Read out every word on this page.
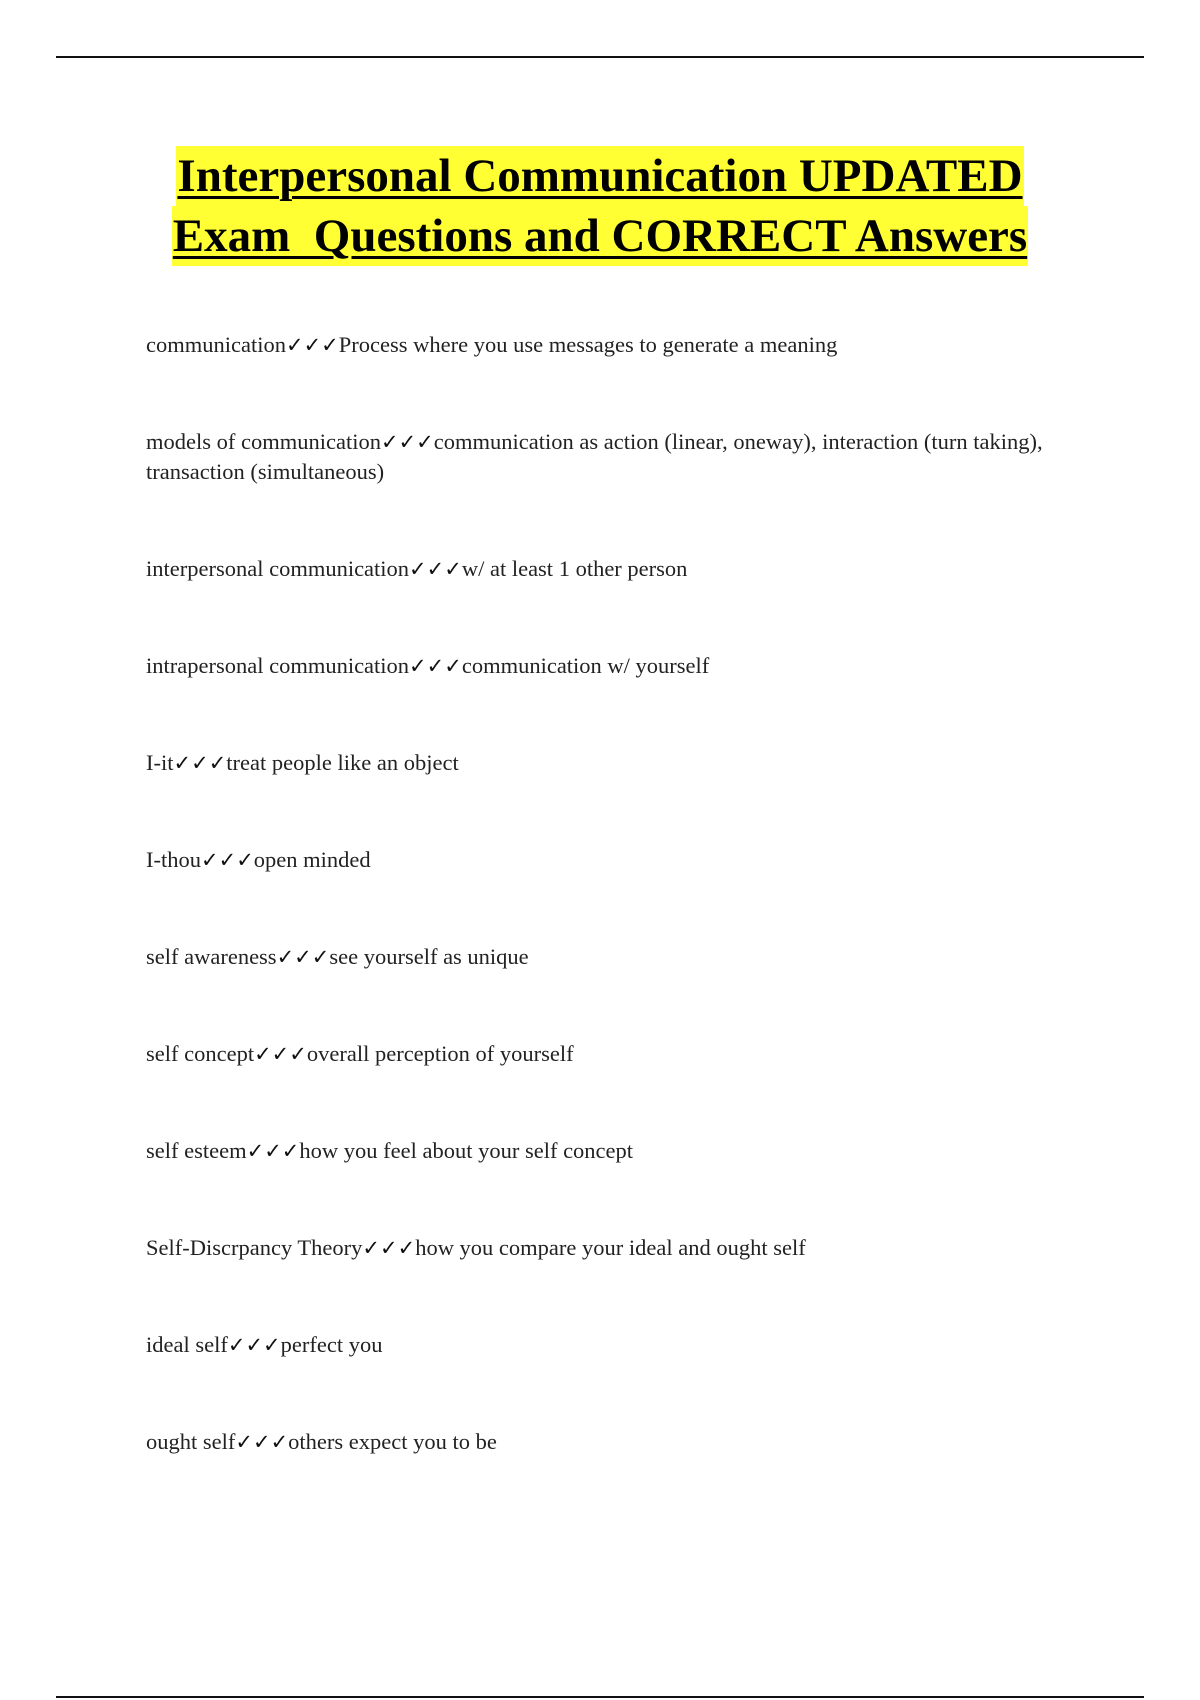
Interpersonal Communication UPDATED
Exam  Questions and CORRECT Answers

communication✓✓✓Process where you use messages to generate a meaning

models of communication✓✓✓communication as action (linear, oneway), interaction (turn taking), transaction (simultaneous)

interpersonal communication✓✓✓w/ at least 1 other person

intrapersonal communication✓✓✓communication w/ yourself

I-it✓✓✓treat people like an object

I-thou✓✓✓open minded

self awareness✓✓✓see yourself as unique

self concept✓✓✓overall perception of yourself

self esteem✓✓✓how you feel about your self concept

Self-Discrpancy Theory✓✓✓how you compare your ideal and ought self

ideal self✓✓✓perfect you

ought self✓✓✓others expect you to be
